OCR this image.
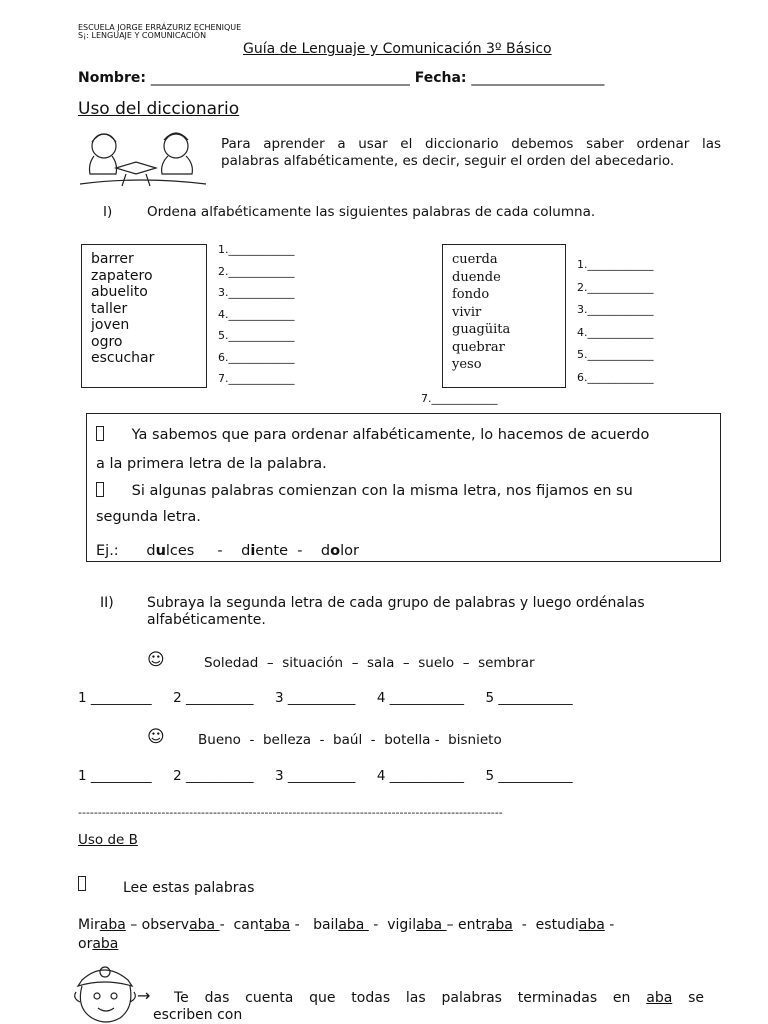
ESCUELA JORGE ERRÁZURIZ ECHENIQUE
S¡: LENGUAJE Y COMUNICACIÓN
Guía de Lenguaje y Comunicación 3º Básico
Nombre: _____________________________________ Fecha: ___________________
Uso del diccionario
Para aprender a usar el diccionario debemos saber ordenar las
palabras alfabéticamente, es decir, seguir el orden del abecedario.
I)	Ordena alfabéticamente las siguientes palabras de cada columna.
barrer
zapatero
abuelito
taller
joven
ogro
escuchar
1.____________
2.____________
3.____________
4.____________
5.____________
6.____________
7.____________
cuerda
duende
fondo
vivir
guagüita
quebrar
yeso
1.____________
2.____________
3.____________
4.____________
5.____________
6.____________
7.____________
Ya sabemos que para ordenar alfabéticamente, lo hacemos de acuerdo
a la primera letra de la palabra.
Si algunas palabras comienzan con la misma letra, nos fijamos en su
segunda letra.
Ej.: dulces - diente - dolor
II) Subraya la segunda letra de cada grupo de palabras y luego ordénalas
alfabéticamente.
☺	Soledad  –  situación  –  sala  –  suelo  –  sembrar
1 _________ 2 __________ 3 __________ 4 ___________ 5 ___________
☺ Bueno  -  belleza  -  baúl  -  botella -  bisnieto
1 _________ 2 __________ 3 __________ 4 ___________ 5 ___________
-----------------------------------------------------------------------------------------------------------
Uso de B
Lee estas palabras
Miraba – observaba -  cantaba -   bailaba  -  vigilaba – entraba  -  estudiaba -
oraba
→ Te das cuenta que todas las palabras terminadas en aba se
escriben con
